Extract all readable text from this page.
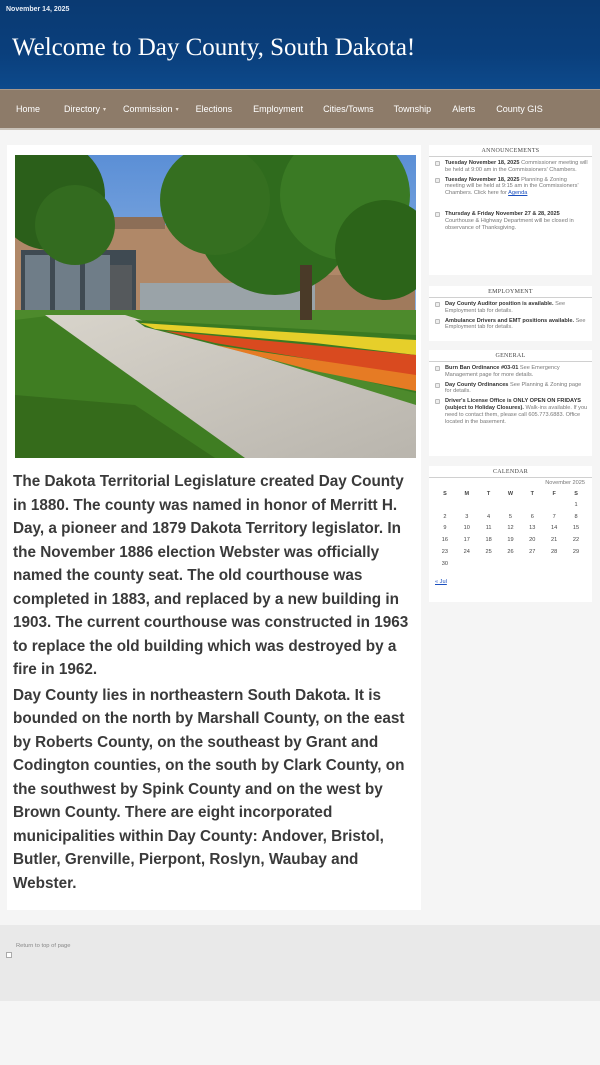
November 14, 2025
Welcome to Day County, South Dakota!
Home	Directory ▾ Commission ▾ Elections Employment Cities/Towns Township Alerts County GIS

The Dakota Territorial Legislature created Day County in 1880. The county was named in honor of Merritt H. Day, a pioneer and 1879 Dakota Territory legislator. In the November 1886 election Webster was officially named the county seat. The old courthouse was completed in 1883, and replaced by a new building in 1903. The current courthouse was constructed in 1963 to replace the old building which was destroyed by a fire in 1962.

Day County lies in northeastern South Dakota. It is bounded on the north by Marshall County, on the east by Roberts County, on the southeast by Grant and Codington counties, on the south by Clark County, on the southwest by Spink County and on the west by Brown County. There are eight incorporated municipalities within Day County: Andover, Bristol, Butler, Grenville, Pierpont, Roslyn, Waubay and Webster.

ANNOUNCEMENTS
Tuesday November 18, 2025 Commissioner meeting will be held at 9:00 am in the Commissioners' Chambers.
Tuesday November 18, 2025 Planning & Zoning meeting will be held at 9:15 am in the Commissioners' Chambers. Click here for Agenda
Thursday & Friday November 27 & 28, 2025 Courthouse & Highway Department will be closed in observance of Thanksgiving.
EMPLOYMENT
Day County Auditor position is available. See Employment tab for details.
Ambulance Drivers and EMT positions available. See Employment tab for details.
GENERAL
Burn Ban Ordinance #03-01 See Emergency Management page for more details.
Day County Ordinances See Planning & Zoning page for details.
Driver's License Office is ONLY OPEN ON FRIDAYS (subject to Holiday Closures). Walk-ins available. If you need to contact them, please call 605.773.6883. Office located in the basement.
CALENDAR
November 2025
S	M	T	W	T	F	S
						1
2	3	4	5	6	7	8
9	10	11	12	13	14	15
16	17	18	19	20	21	22
23	24	25	26	27	28	29
30						
« Jul
Return to top of page
